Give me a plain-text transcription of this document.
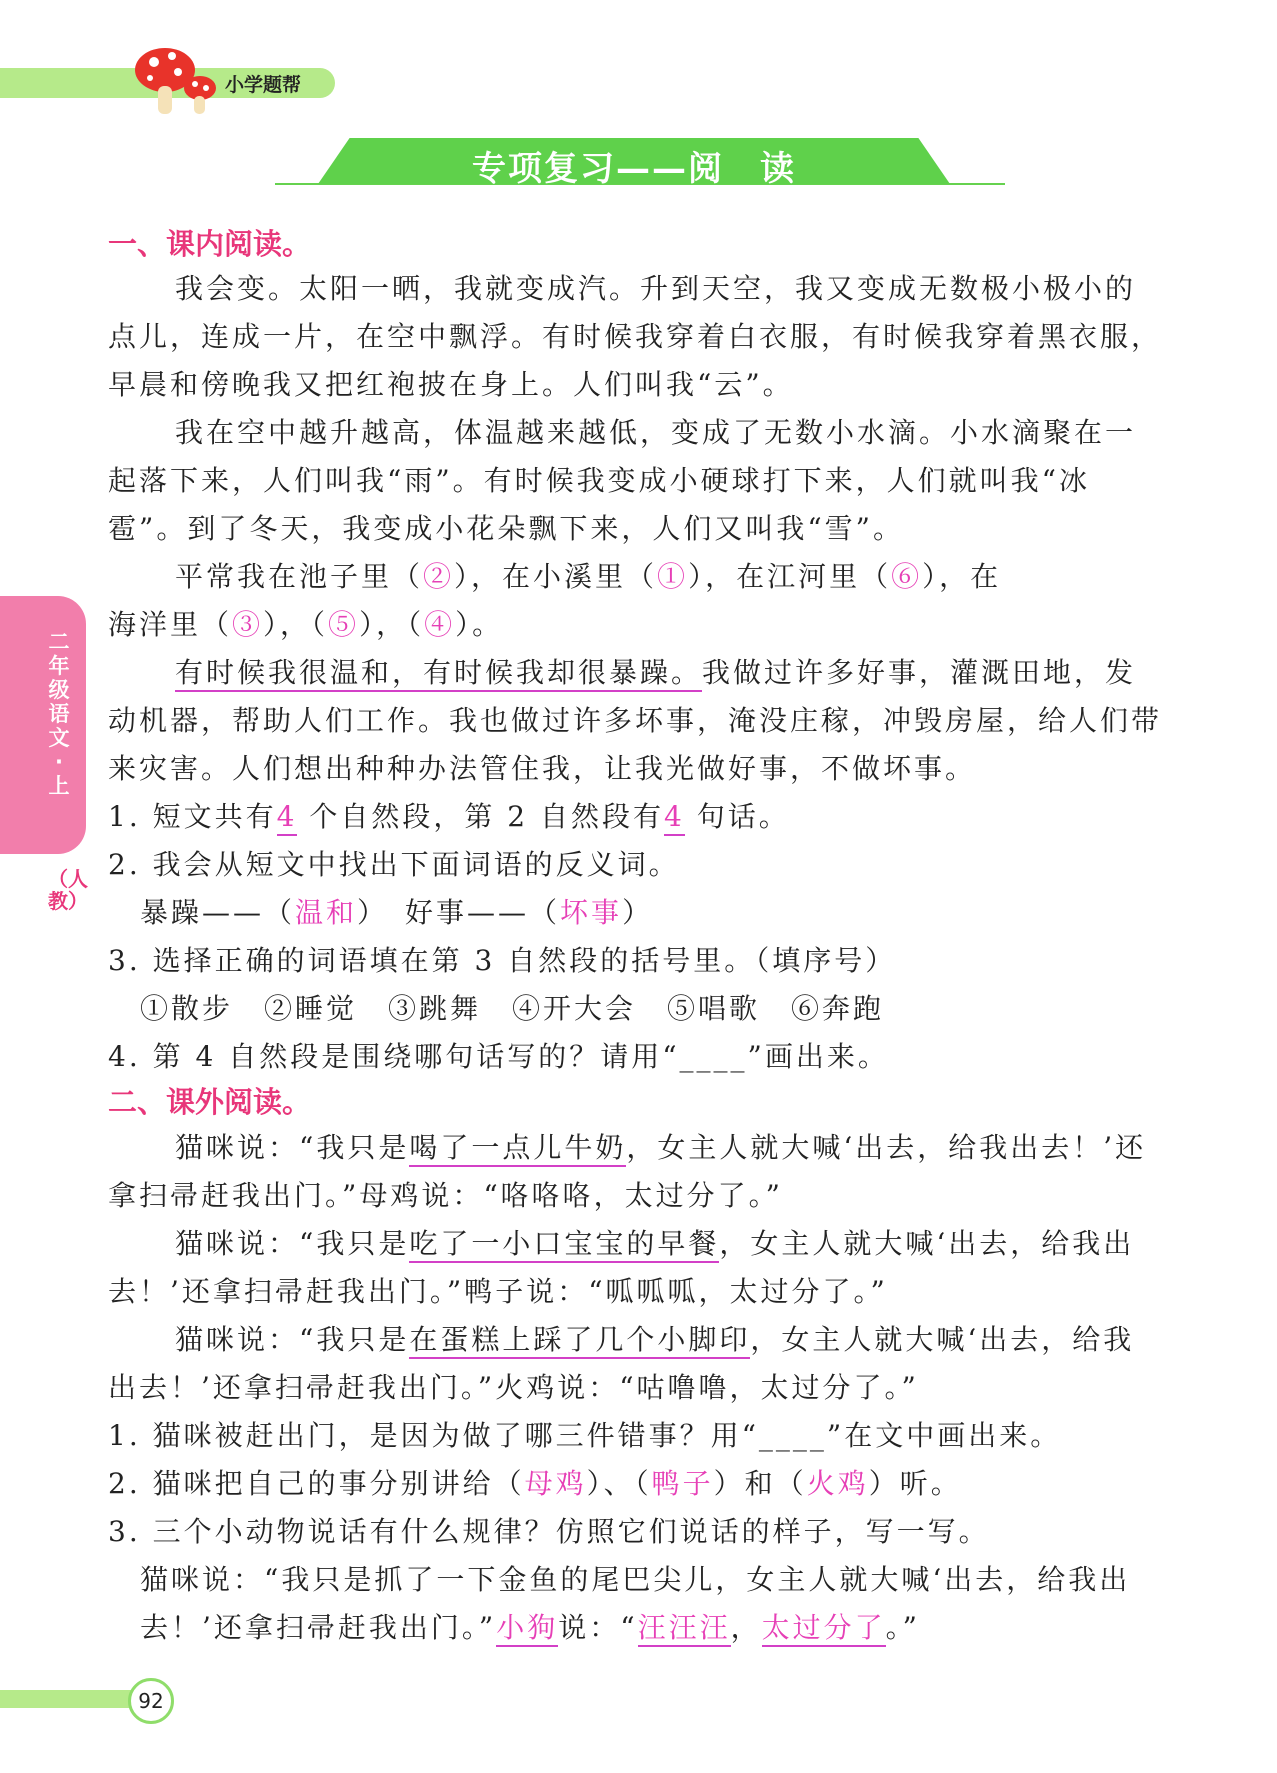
小学题帮
专项复习——阅　读
二年级语文·上
（人教）
一、课内阅读。
我会变。太阳一晒，我就变成汽。升到天空，我又变成无数极小极小的
点儿，连成一片，在空中飘浮。有时候我穿着白衣服，有时候我穿着黑衣服，
早晨和傍晚我又把红袍披在身上。人们叫我“云”。
我在空中越升越高，体温越来越低，变成了无数小水滴。小水滴聚在一
起落下来，人们叫我“雨”。有时候我变成小硬球打下来，人们就叫我“冰
雹”。到了冬天，我变成小花朵飘下来，人们又叫我“雪”。
平常我在池子里（②），在小溪里（①），在江河里（⑥），在
海洋里（③），（⑤），（④）。
有时候我很温和，有时候我却很暴躁。我做过许多好事，灌溉田地，发
动机器，帮助人们工作。我也做过许多坏事，淹没庄稼，冲毁房屋，给人们带
来灾害。人们想出种种办法管住我，让我光做好事，不做坏事。
1. 短文共有4 个自然段，第 2 自然段有4 句话。
2. 我会从短文中找出下面词语的反义词。
暴躁——（温和）　好事——（坏事）
3. 选择正确的词语填在第 3 自然段的括号里。（填序号）
①散步　②睡觉　③跳舞　④开大会　⑤唱歌　⑥奔跑
4. 第 4 自然段是围绕哪句话写的？请用“____”画出来。
二、课外阅读。
猫咪说：“我只是喝了一点儿牛奶，女主人就大喊‘出去，给我出去！’还
拿扫帚赶我出门。”母鸡说：“咯咯咯，太过分了。”
猫咪说：“我只是吃了一小口宝宝的早餐，女主人就大喊‘出去，给我出
去！’还拿扫帚赶我出门。”鸭子说：“呱呱呱，太过分了。”
猫咪说：“我只是在蛋糕上踩了几个小脚印，女主人就大喊‘出去，给我
出去！’还拿扫帚赶我出门。”火鸡说：“咕噜噜，太过分了。”
1. 猫咪被赶出门，是因为做了哪三件错事？用“____”在文中画出来。
2. 猫咪把自己的事分别讲给（母鸡）、（鸭子）和（火鸡）听。
3. 三个小动物说话有什么规律？仿照它们说话的样子，写一写。
猫咪说：“我只是抓了一下金鱼的尾巴尖儿，女主人就大喊‘出去，给我出
去！’还拿扫帚赶我出门。”小狗说：“汪汪汪，太过分了。”
92
